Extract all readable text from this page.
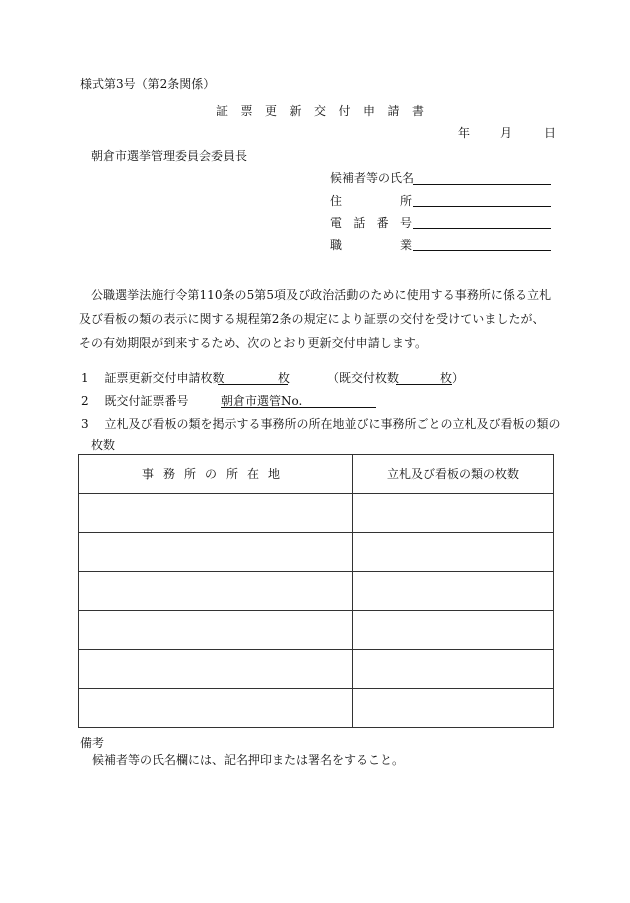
様式第3号（第2条関係）
証票更新交付申請書
年	月	日
朝倉市選挙管理委員会委員長
候補者等の氏名
住	所
電 話 番 号
職	業
公職選挙法施行令第110条の5第5項及び政治活動のために使用する事務所に係る立札及び看板の類の表示に関する規程第2条の規定により証票の交付を受けていましたが、その有効期限が到来するため、次のとおり更新交付申請します。
1 証票更新交付申請枚数	枚	（既交付枚数	枚）
2 既交付証票番号	朝倉市選管No.
3 立札及び看板の類を掲示する事務所の所在地並びに事務所ごとの立札及び看板の類の
枚数
事務所の所在地	立札及び看板の類の枚数

備考
候補者等の氏名欄には、記名押印または署名をすること。
